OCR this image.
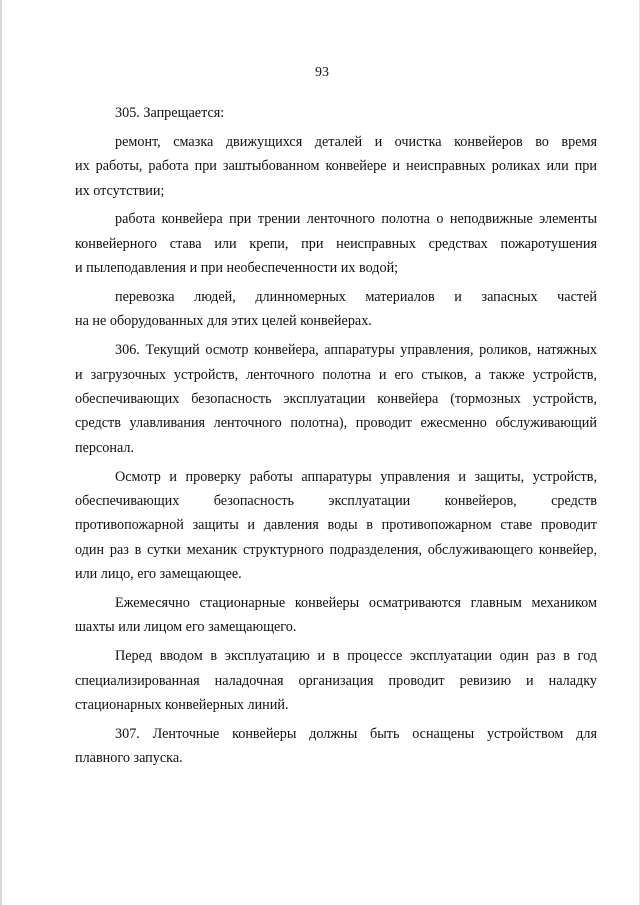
93

305. Запрещается:

ремонт, смазка движущихся деталей и очистка конвейеров во время
их работы, работа при заштыбованном конвейере и неисправных роликах или при
их отсутствии;

работа конвейера при трении ленточного полотна о неподвижные элементы
конвейерного става или крепи, при неисправных средствах пожаротушения
и пылеподавления и при необеспеченности их водой;

перевозка людей, длинномерных материалов и запасных частей
на не оборудованных для этих целей конвейерах.

306. Текущий осмотр конвейера, аппаратуры управления, роликов, натяжных
и загрузочных устройств, ленточного полотна и его стыков, а также устройств,
обеспечивающих безопасность эксплуатации конвейера (тормозных устройств,
средств улавливания ленточного полотна), проводит ежесменно обслуживающий
персонал.

Осмотр и проверку работы аппаратуры управления и защиты, устройств,
обеспечивающих безопасность эксплуатации конвейеров, средств
противопожарной защиты и давления воды в противопожарном ставе проводит
один раз в сутки механик структурного подразделения, обслуживающего конвейер,
или лицо, его замещающее.

Ежемесячно стационарные конвейеры осматриваются главным механиком
шахты или лицом его замещающего.

Перед вводом в эксплуатацию и в процессе эксплуатации один раз в год
специализированная наладочная организация проводит ревизию и наладку
стационарных конвейерных линий.

307. Ленточные конвейеры должны быть оснащены устройством для
плавного запуска.
